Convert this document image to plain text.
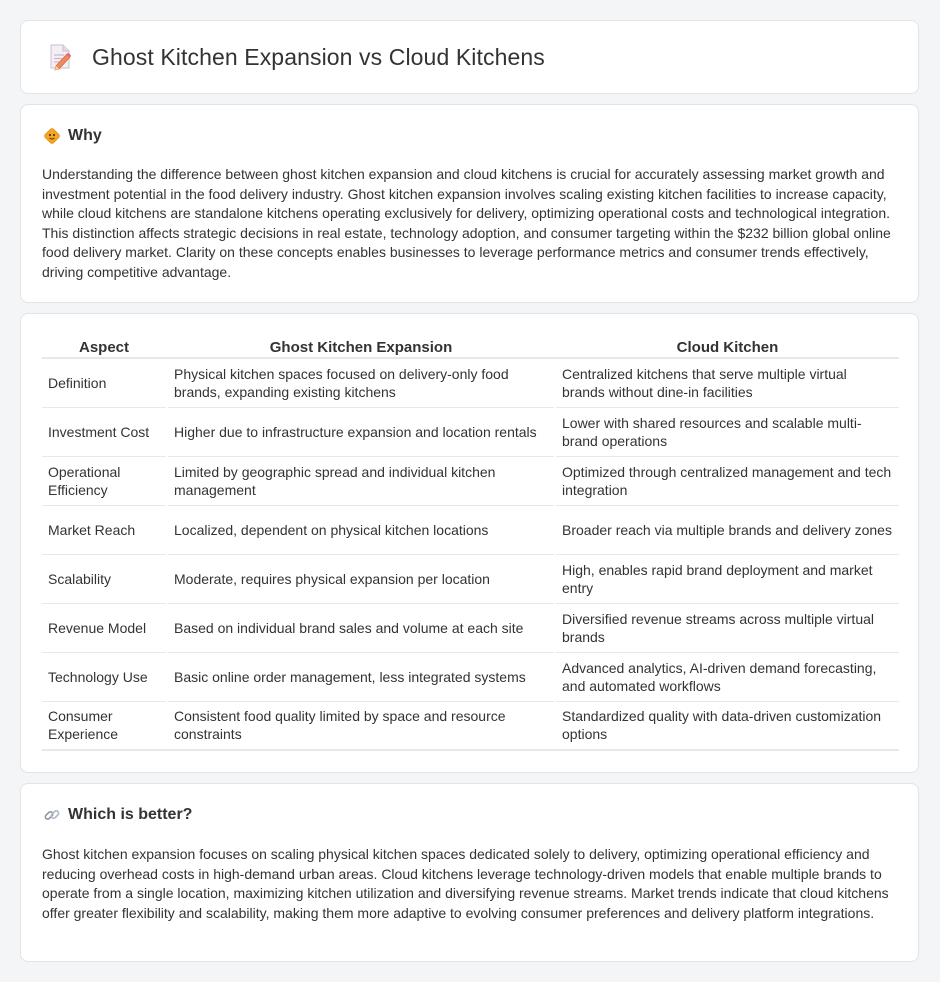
Ghost Kitchen Expansion vs Cloud Kitchens
Why

Understanding the difference between ghost kitchen expansion and cloud kitchens is crucial for accurately assessing market growth and investment potential in the food delivery industry. Ghost kitchen expansion involves scaling existing kitchen facilities to increase capacity, while cloud kitchens are standalone kitchens operating exclusively for delivery, optimizing operational costs and technological integration. This distinction affects strategic decisions in real estate, technology adoption, and consumer targeting within the $232 billion global online food delivery market. Clarity on these concepts enables businesses to leverage performance metrics and consumer trends effectively, driving competitive advantage.

Aspect	Ghost Kitchen Expansion	Cloud Kitchen
Definition	Physical kitchen spaces focused on delivery-only food brands, expanding existing kitchens	Centralized kitchens that serve multiple virtual brands without dine-in facilities
Investment Cost	Higher due to infrastructure expansion and location rentals	Lower with shared resources and scalable multi-brand operations
Operational Efficiency	Limited by geographic spread and individual kitchen management	Optimized through centralized management and tech integration
Market Reach	Localized, dependent on physical kitchen locations	Broader reach via multiple brands and delivery zones
Scalability	Moderate, requires physical expansion per location	High, enables rapid brand deployment and market entry
Revenue Model	Based on individual brand sales and volume at each site	Diversified revenue streams across multiple virtual brands
Technology Use	Basic online order management, less integrated systems	Advanced analytics, AI-driven demand forecasting, and automated workflows
Consumer Experience	Consistent food quality limited by space and resource constraints	Standardized quality with data-driven customization options
Which is better?

Ghost kitchen expansion focuses on scaling physical kitchen spaces dedicated solely to delivery, optimizing operational efficiency and reducing overhead costs in high-demand urban areas. Cloud kitchens leverage technology-driven models that enable multiple brands to operate from a single location, maximizing kitchen utilization and diversifying revenue streams. Market trends indicate that cloud kitchens offer greater flexibility and scalability, making them more adaptive to evolving consumer preferences and delivery platform integrations.
